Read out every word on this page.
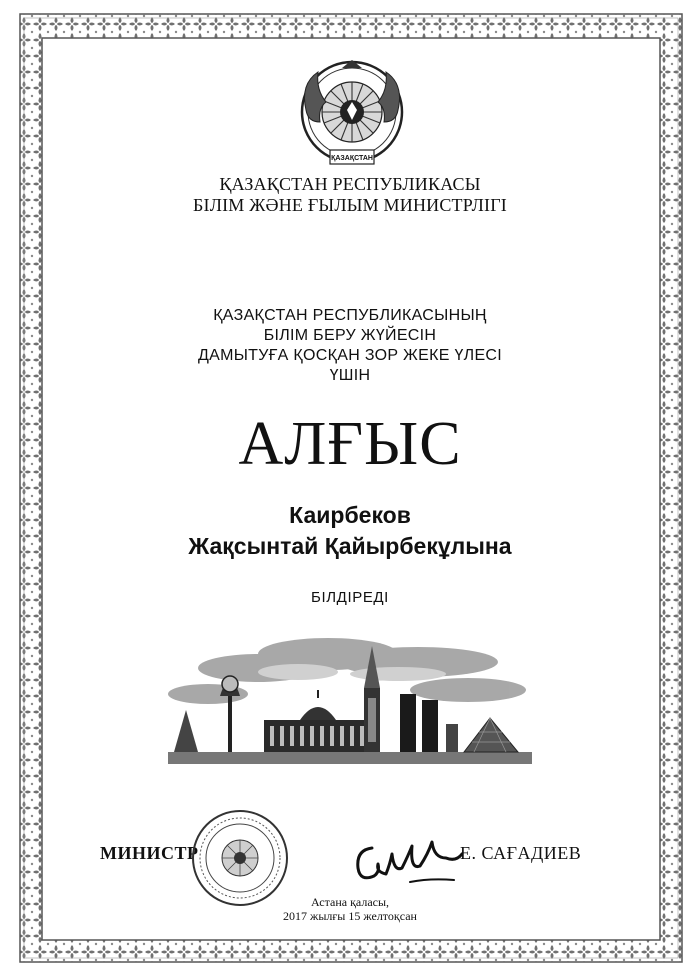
ҚАЗАҚСТАН
ҚАЗАҚСТАН РЕСПУБЛИКАСЫ
БІЛІМ ЖӘНЕ ҒЫЛЫМ МИНИСТРЛІГІ
ҚАЗАҚСТАН РЕСПУБЛИКАСЫНЫҢ
БІЛІМ БЕРУ ЖҮЙЕСІН
ДАМЫТУҒА ҚОСҚАН ЗОР ЖЕКЕ ҮЛЕСІ
ҮШІН
АЛҒЫС
Каирбеков
Жақсынтай Қайырбекұлына
БІЛДІРЕДІ
МИНИСТР	Е. САҒАДИЕВ
Астана қаласы,
2017 жылғы 15 желтоқсан
